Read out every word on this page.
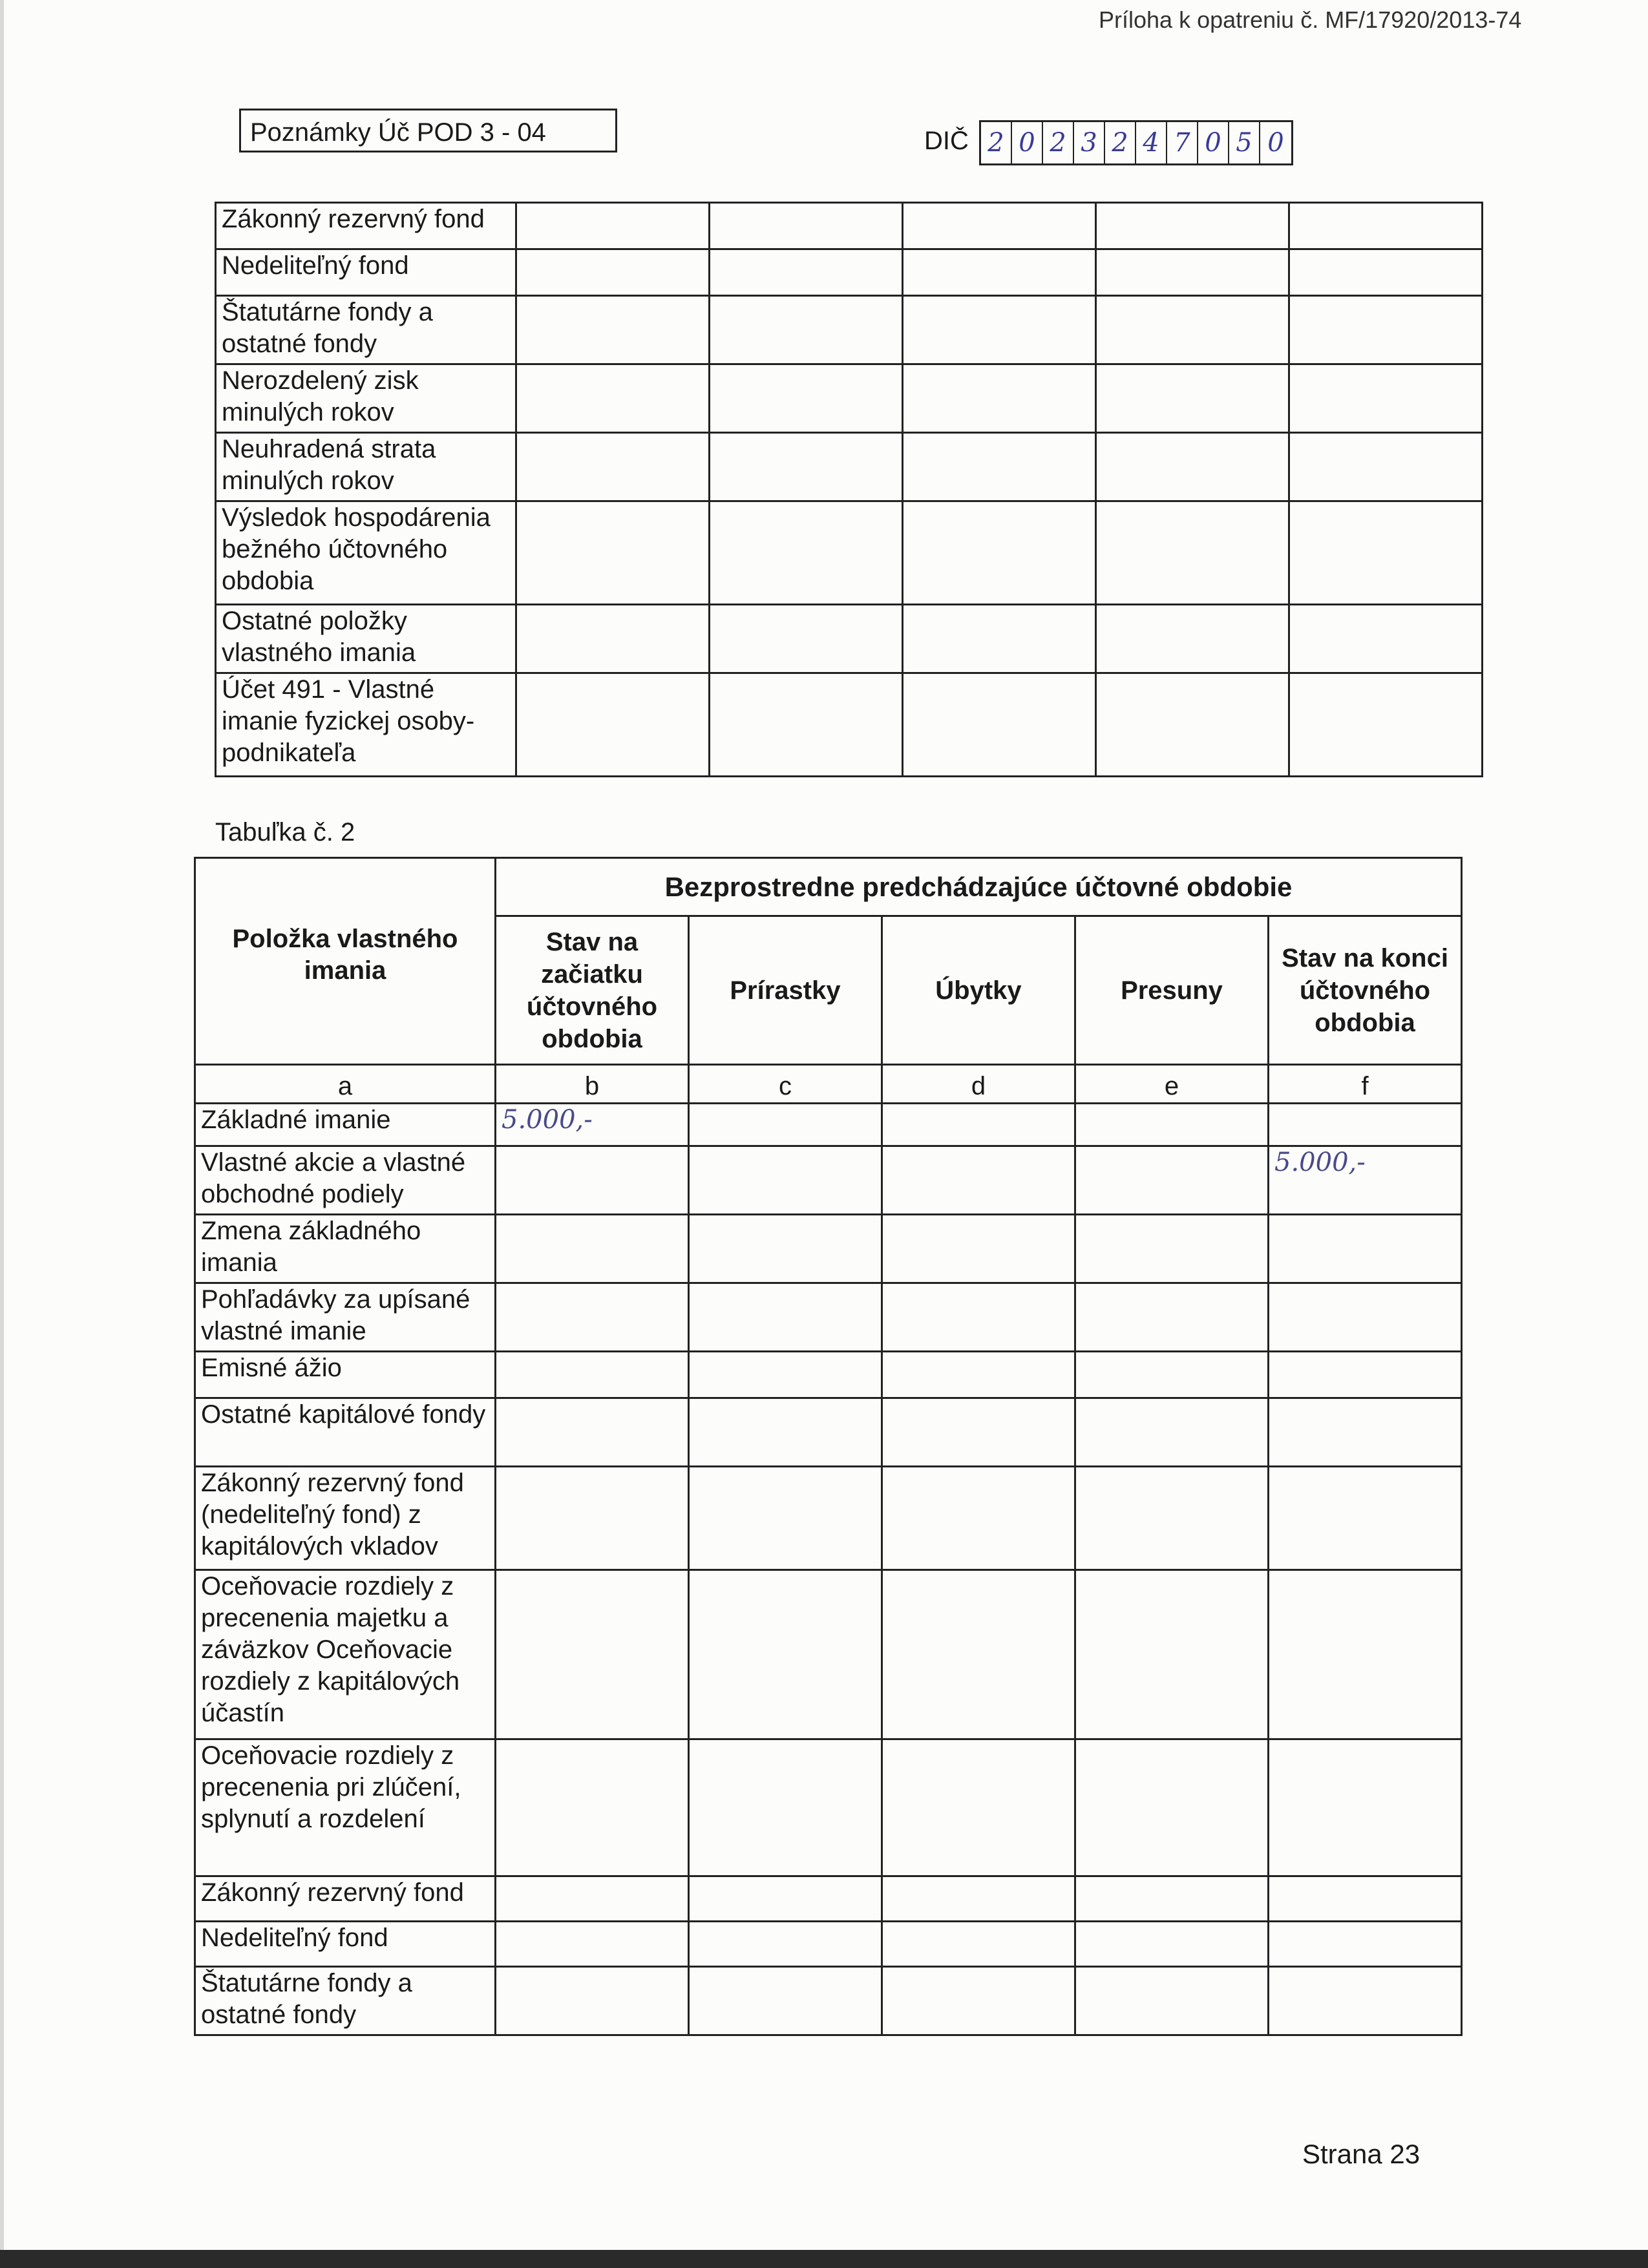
Príloha k opatreniu č. MF/17920/2013-74
Poznámky Úč POD 3 - 04	DIČ 2 0 2 3 2 4 7 0 5 0
Zákonný rezervný fond					
Nedeliteľný fond					
Štatutárne fondy a ostatné fondy					
Nerozdelený zisk minulých rokov					
Neuhradená strata minulých rokov					
Výsledok hospodárenia bežného účtovného obdobia					
Ostatné položky vlastného imania					
Účet 491 - Vlastné imanie fyzickej osoby-podnikateľa					
Tabuľka č. 2
Položka vlastného imania	Bezprostredne predchádzajúce účtovné obdobie				
	Stav na začiatku účtovného obdobia	Prírastky	Úbytky	Presuny	Stav na konci účtovného obdobia
a	b	c	d	e	f
Základné imanie	5.000,-				
Vlastné akcie a vlastné obchodné podiely					5.000,-
Zmena základného imania					
Pohľadávky za upísané vlastné imanie					
Emisné ážio					
Ostatné kapitálové fondy					
Zákonný rezervný fond (nedeliteľný fond) z kapitálových vkladov					
Oceňovacie rozdiely z precenenia majetku a záväzkov Oceňovacie rozdiely z kapitálových účastín					
Oceňovacie rozdiely z precenenia pri zlúčení, splynutí a rozdelení					
Zákonný rezervný fond					
Nedeliteľný fond					
Štatutárne fondy a ostatné fondy					
Strana 23
